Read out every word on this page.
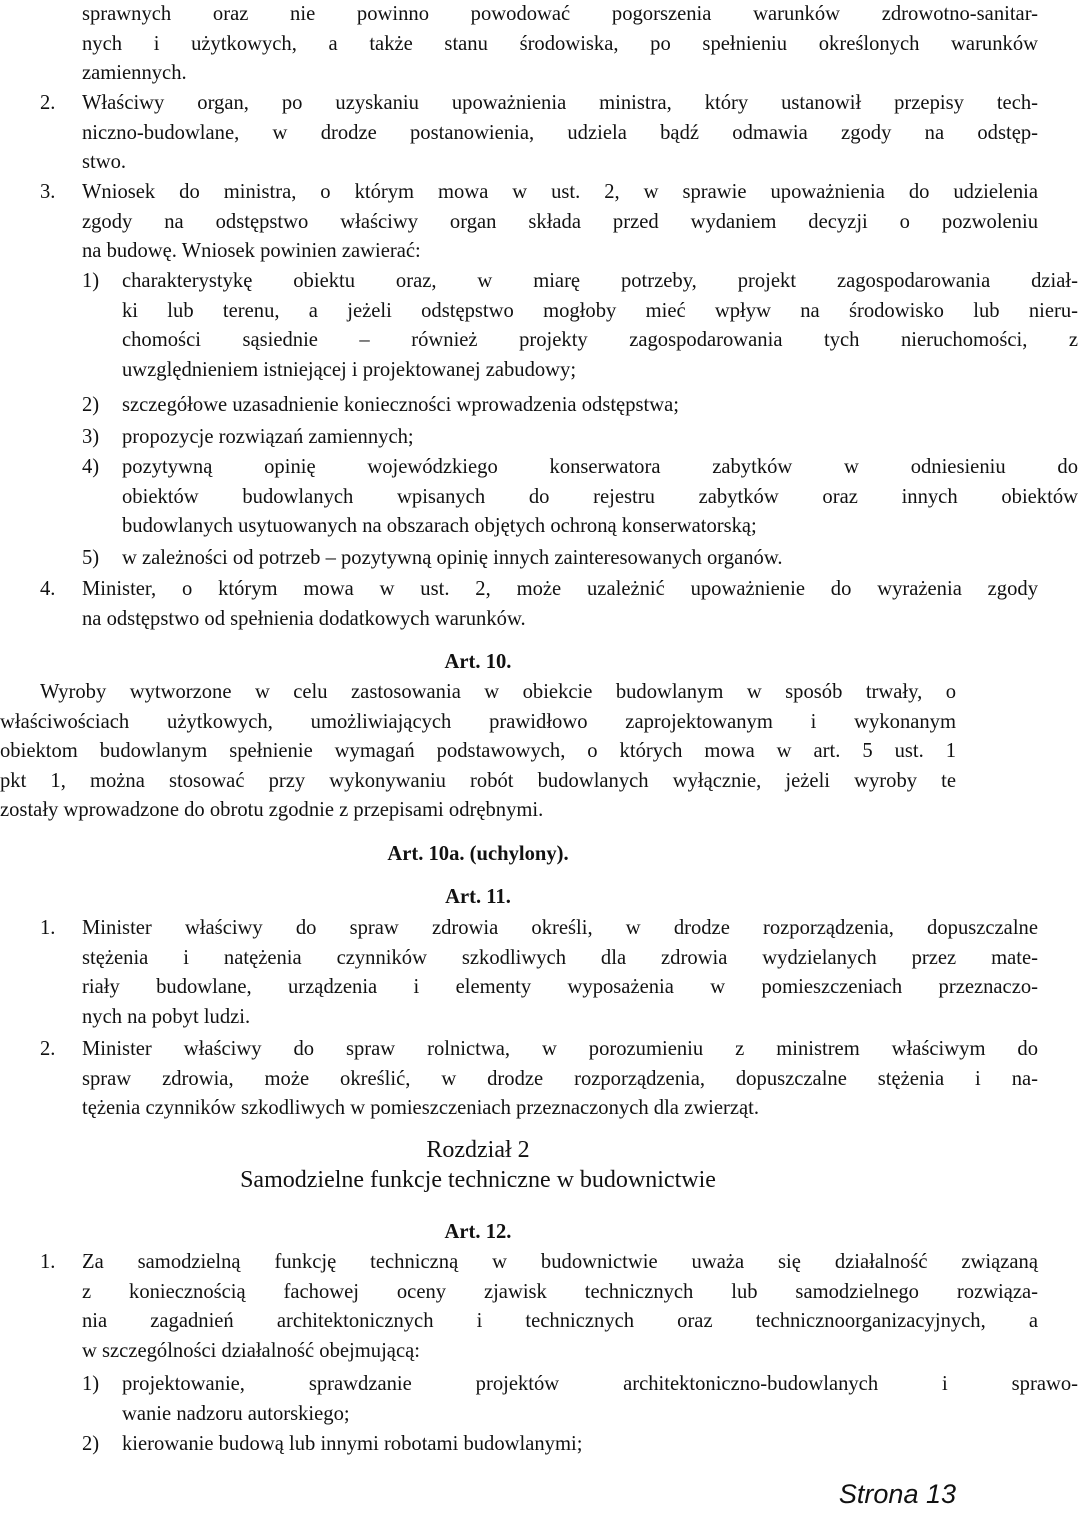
sprawnych oraz nie powinno powodować pogorszenia warunków zdrowotno-sanitar-

nych i użytkowych, a także stanu środowiska, po spełnieniu określonych warunków

zamiennych.

2. Właściwy organ, po uzyskaniu upoważnienia ministra, który ustanowił przepisy tech-

niczno-budowlane, w drodze postanowienia, udziela bądź odmawia zgody na odstęp-

stwo.

3. Wniosek do ministra, o którym mowa w ust. 2, w sprawie upoważnienia do udzielenia

zgody na odstępstwo właściwy organ składa przed wydaniem decyzji o pozwoleniu

na budowę. Wniosek powinien zawierać:

1) charakterystykę obiektu oraz, w miarę potrzeby, projekt zagospodarowania dział-

ki lub terenu, a jeżeli odstępstwo mogłoby mieć wpływ na środowisko lub nieru-

chomości sąsiednie – również projekty zagospodarowania tych nieruchomości, z

uwzględnieniem istniejącej i projektowanej zabudowy;

2) szczegółowe uzasadnienie konieczności wprowadzenia odstępstwa;

3) propozycje rozwiązań zamiennych;

4) pozytywną opinię wojewódzkiego konserwatora zabytków w odniesieniu do

obiektów budowlanych wpisanych do rejestru zabytków oraz innych obiektów

budowlanych usytuowanych na obszarach objętych ochroną konserwatorską;

5) w zależności od potrzeb – pozytywną opinię innych zainteresowanych organów.

4. Minister, o którym mowa w ust. 2, może uzależnić upoważnienie do wyrażenia zgody

na odstępstwo od spełnienia dodatkowych warunków.

Art. 10.

Wyroby wytworzone w celu zastosowania w obiekcie budowlanym w sposób trwały, o

właściwościach użytkowych, umożliwiających prawidłowo zaprojektowanym i wykonanym

obiektom budowlanym spełnienie wymagań podstawowych, o których mowa w art. 5 ust. 1

pkt 1, można stosować przy wykonywaniu robót budowlanych wyłącznie, jeżeli wyroby te

zostały wprowadzone do obrotu zgodnie z przepisami odrębnymi.

Art. 10a. (uchylony).
Art. 11.
1. Minister właściwy do spraw zdrowia określi, w drodze rozporządzenia, dopuszczalne

stężenia i natężenia czynników szkodliwych dla zdrowia wydzielanych przez mate-

riały budowlane, urządzenia i elementy wyposażenia w pomieszczeniach przeznaczo-

nych na pobyt ludzi.

2. Minister właściwy do spraw rolnictwa, w porozumieniu z ministrem właściwym do

spraw zdrowia, może określić, w drodze rozporządzenia, dopuszczalne stężenia i na-

tężenia czynników szkodliwych w pomieszczeniach przeznaczonych dla zwierząt.

Rozdział 2
Samodzielne funkcje techniczne w budownictwie
Art. 12.
1. Za samodzielną funkcję techniczną w budownictwie uważa się działalność związaną

z koniecznością fachowej oceny zjawisk technicznych lub samodzielnego rozwiąza-

nia zagadnień architektonicznych i technicznych oraz technicznoorganizacyjnych, a

w szczególności działalność obejmującą:

1) projektowanie, sprawdzanie projektów architektoniczno-budowlanych i sprawo-

wanie nadzoru autorskiego;

2) kierowanie budową lub innymi robotami budowlanymi;

Strona 13
